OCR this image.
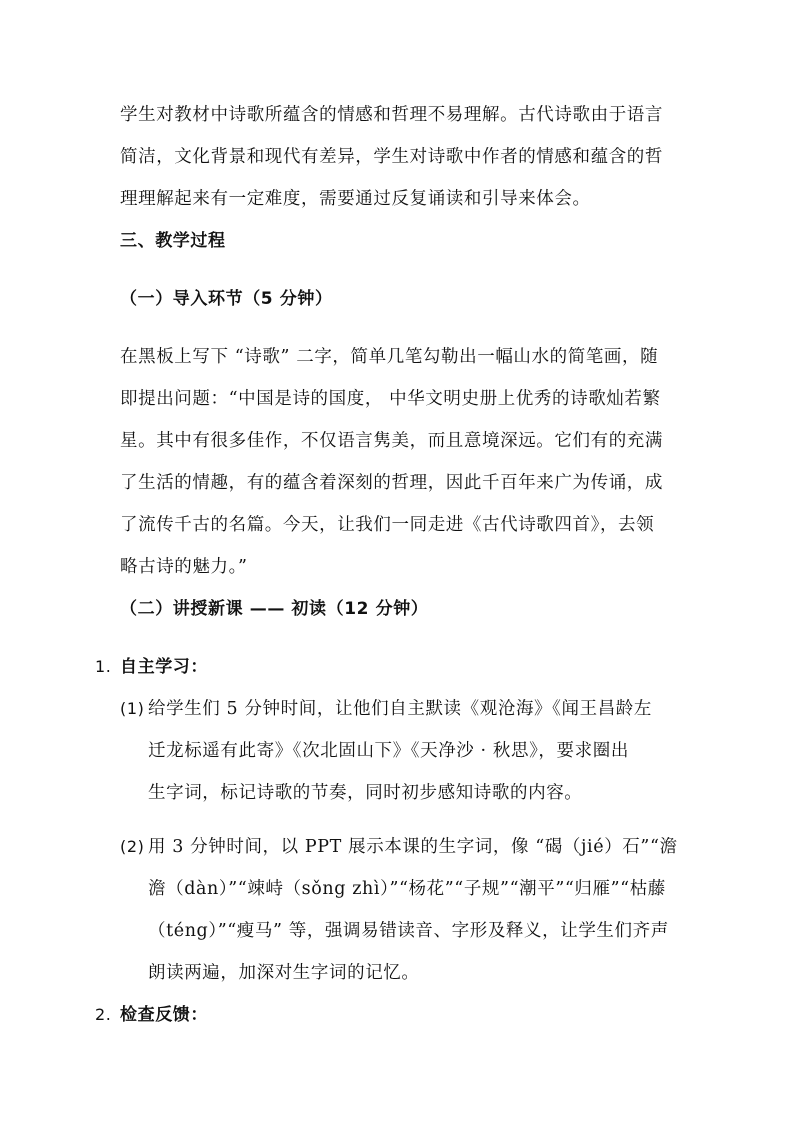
学生对教材中诗歌所蕴含的情感和哲理不易理解。古代诗歌由于语言
简洁，文化背景和现代有差异，学生对诗歌中作者的情感和蕴含的哲
理理解起来有一定难度，需要通过反复诵读和引导来体会。
三、教学过程
（一）导入环节（5 分钟）
在黑板上写下 “诗歌” 二字，简单几笔勾勒出一幅山水的简笔画，随
即提出问题：“中国是诗的国度， 中华文明史册上优秀的诗歌灿若繁
星。其中有很多佳作，不仅语言隽美，而且意境深远。它们有的充满
了生活的情趣，有的蕴含着深刻的哲理，因此千百年来广为传诵，成
了流传千古的名篇。今天，让我们一同走进《古代诗歌四首》，去领
略古诗的魅力。”
（二）讲授新课 —— 初读（12 分钟）
1. 自主学习：
(1) 给学生们 5 分钟时间，让他们自主默读《观沧海》《闻王昌龄左
迁龙标遥有此寄》《次北固山下》《天净沙 · 秋思》，要求圈出
生字词，标记诗歌的节奏，同时初步感知诗歌的内容。
(2) 用 3 分钟时间，以 PPT 展示本课的生字词，像 “碣（jié）石”“澹
澹（dàn）”“竦峙（sǒng zhì）”“杨花”“子规”“潮平”“归雁”“枯藤
（téng）”“瘦马” 等，强调易错读音、字形及释义，让学生们齐声
朗读两遍，加深对生字词的记忆。
2. 检查反馈：
